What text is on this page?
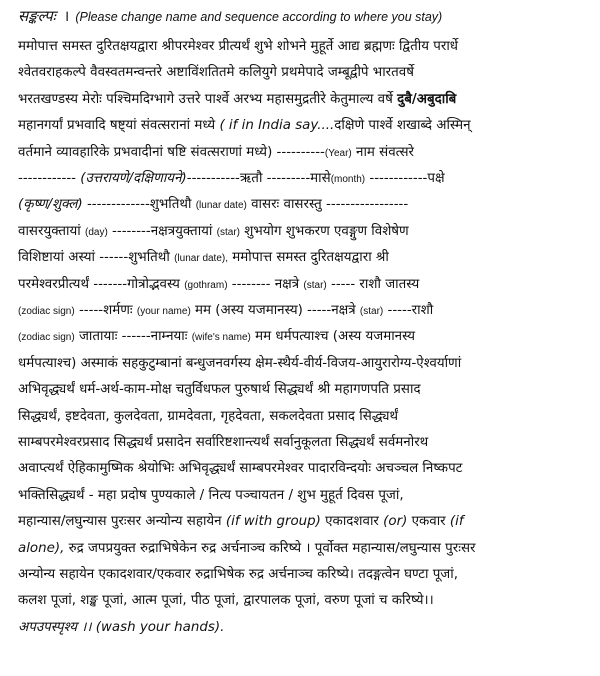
सङ्कल्पः । (Please change name and sequence according to where you stay)
ममोपात्त समस्त दुरितक्षयद्वारा श्रीपरमेश्वर प्रीत्यर्थं शुभे शोभने मुहूर्ते आद्य ब्रह्मणः द्वितीय परार्धे
श्वेतवराहकल्पे वैवस्वतमन्वन्तरे अष्टाविंशतितमे कलियुगे प्रथमेपादे जम्बूद्वीपे भारतवर्षे
भरतखण्डस्य मेरोः पश्चिमदिग्भागे उत्तरे पार्श्वे अरभ्य महासमुद्रतीरे केतुमाल्य वर्षे दुबै/अबुदाबि
महानगर्यां प्रभवादि षष्ट्यां संवत्सरानां मध्ये ( if in India say....दक्षिणे पार्श्वे शखाब्दे अस्मिन्
वर्तमाने व्यावहारिके प्रभवादीनां षष्टि संवत्सराणां मध्ये) ----------(Year) नाम संवत्सरे
------------ (उत्तरायणे/दक्षिणायने)-----------ऋतौ ---------मासे(month) ------------पक्षे
(कृष्ण/शुक्ल) -------------शुभतिथौ (lunar date) वासरः वासरस्तु -----------------
वासरयुक्तायां (day) --------नक्षत्रयुक्तायां (star) शुभयोग शुभकरण एवङ्गुण विशेषेण
विशिष्टायां अस्यां ------शुभतिथौ (lunar date), ममोपात्त समस्त दुरितक्षयद्वारा श्री
परमेश्वरप्रीत्यर्थं -------गोत्रोद्भवस्य (gothram) -------- नक्षत्रे (star) ----- राशौ जातस्य
(zodiac sign) -----शर्मणः (your name) मम (अस्य यजमानस्य) -----नक्षत्रे (star) -----राशौ
(zodiac sign) जातायाः ------नाम्नयाः (wife's name) मम धर्मपत्याश्च (अस्य यजमानस्य
धर्मपत्याश्च) अस्माकं सहकुटुम्बानां बन्धुजनवर्गस्य क्षेम-स्थैर्य-वीर्य-विजय-आयुरारोग्य-ऐश्वर्याणां
अभिवृद्ध्यर्थं धर्म-अर्थ-काम-मोक्ष चतुर्विधफल पुरुषार्थ सिद्ध्यर्थं श्री महागणपति प्रसाद
सिद्ध्यर्थं, इष्टदेवता, कुलदेवता, ग्रामदेवता, गृहदेवता, सकलदेवता प्रसाद सिद्ध्यर्थं
साम्बपरमेश्वरप्रसाद सिद्ध्यर्थं प्रसादेन सर्वारिष्टशान्त्यर्थं सर्वानुकूलता सिद्ध्यर्थं सर्वमनोरथ
अवाप्त्यर्थं ऐहिकामुष्मिक श्रेयोभिः अभिवृद्ध्यर्थं साम्बपरमेश्वर पादारविन्दयोः अचञ्चल निष्कपट
भक्तिसिद्ध्यर्थं - महा प्रदोष पुण्यकाले / नित्य पञ्चायतन / शुभ मुहूर्त दिवस पूजां,
महान्यास/लघुन्यास पुरःसर अन्योन्य सहायेन (if with group) एकादशवार (or) एकवार (if
alone), रुद्र जपप्रयुक्त रुद्राभिषेकेन रुद्र अर्चनाञ्च करिष्ये । पूर्वोक्त महान्यास/लघुन्यास पुरःसर
अन्योन्य सहायेन एकादशवार/एकवार रुद्राभिषेक रुद्र अर्चनाञ्च करिष्ये। तदङ्गत्वेन घण्टा पूजां,
कलश पूजां, शङ्ख पूजां, आत्म पूजां, पीठ पूजां, द्वारपालक पूजां, वरुण पूजां च करिष्ये।।
अपउपस्पृश्य ।। (wash your hands).
